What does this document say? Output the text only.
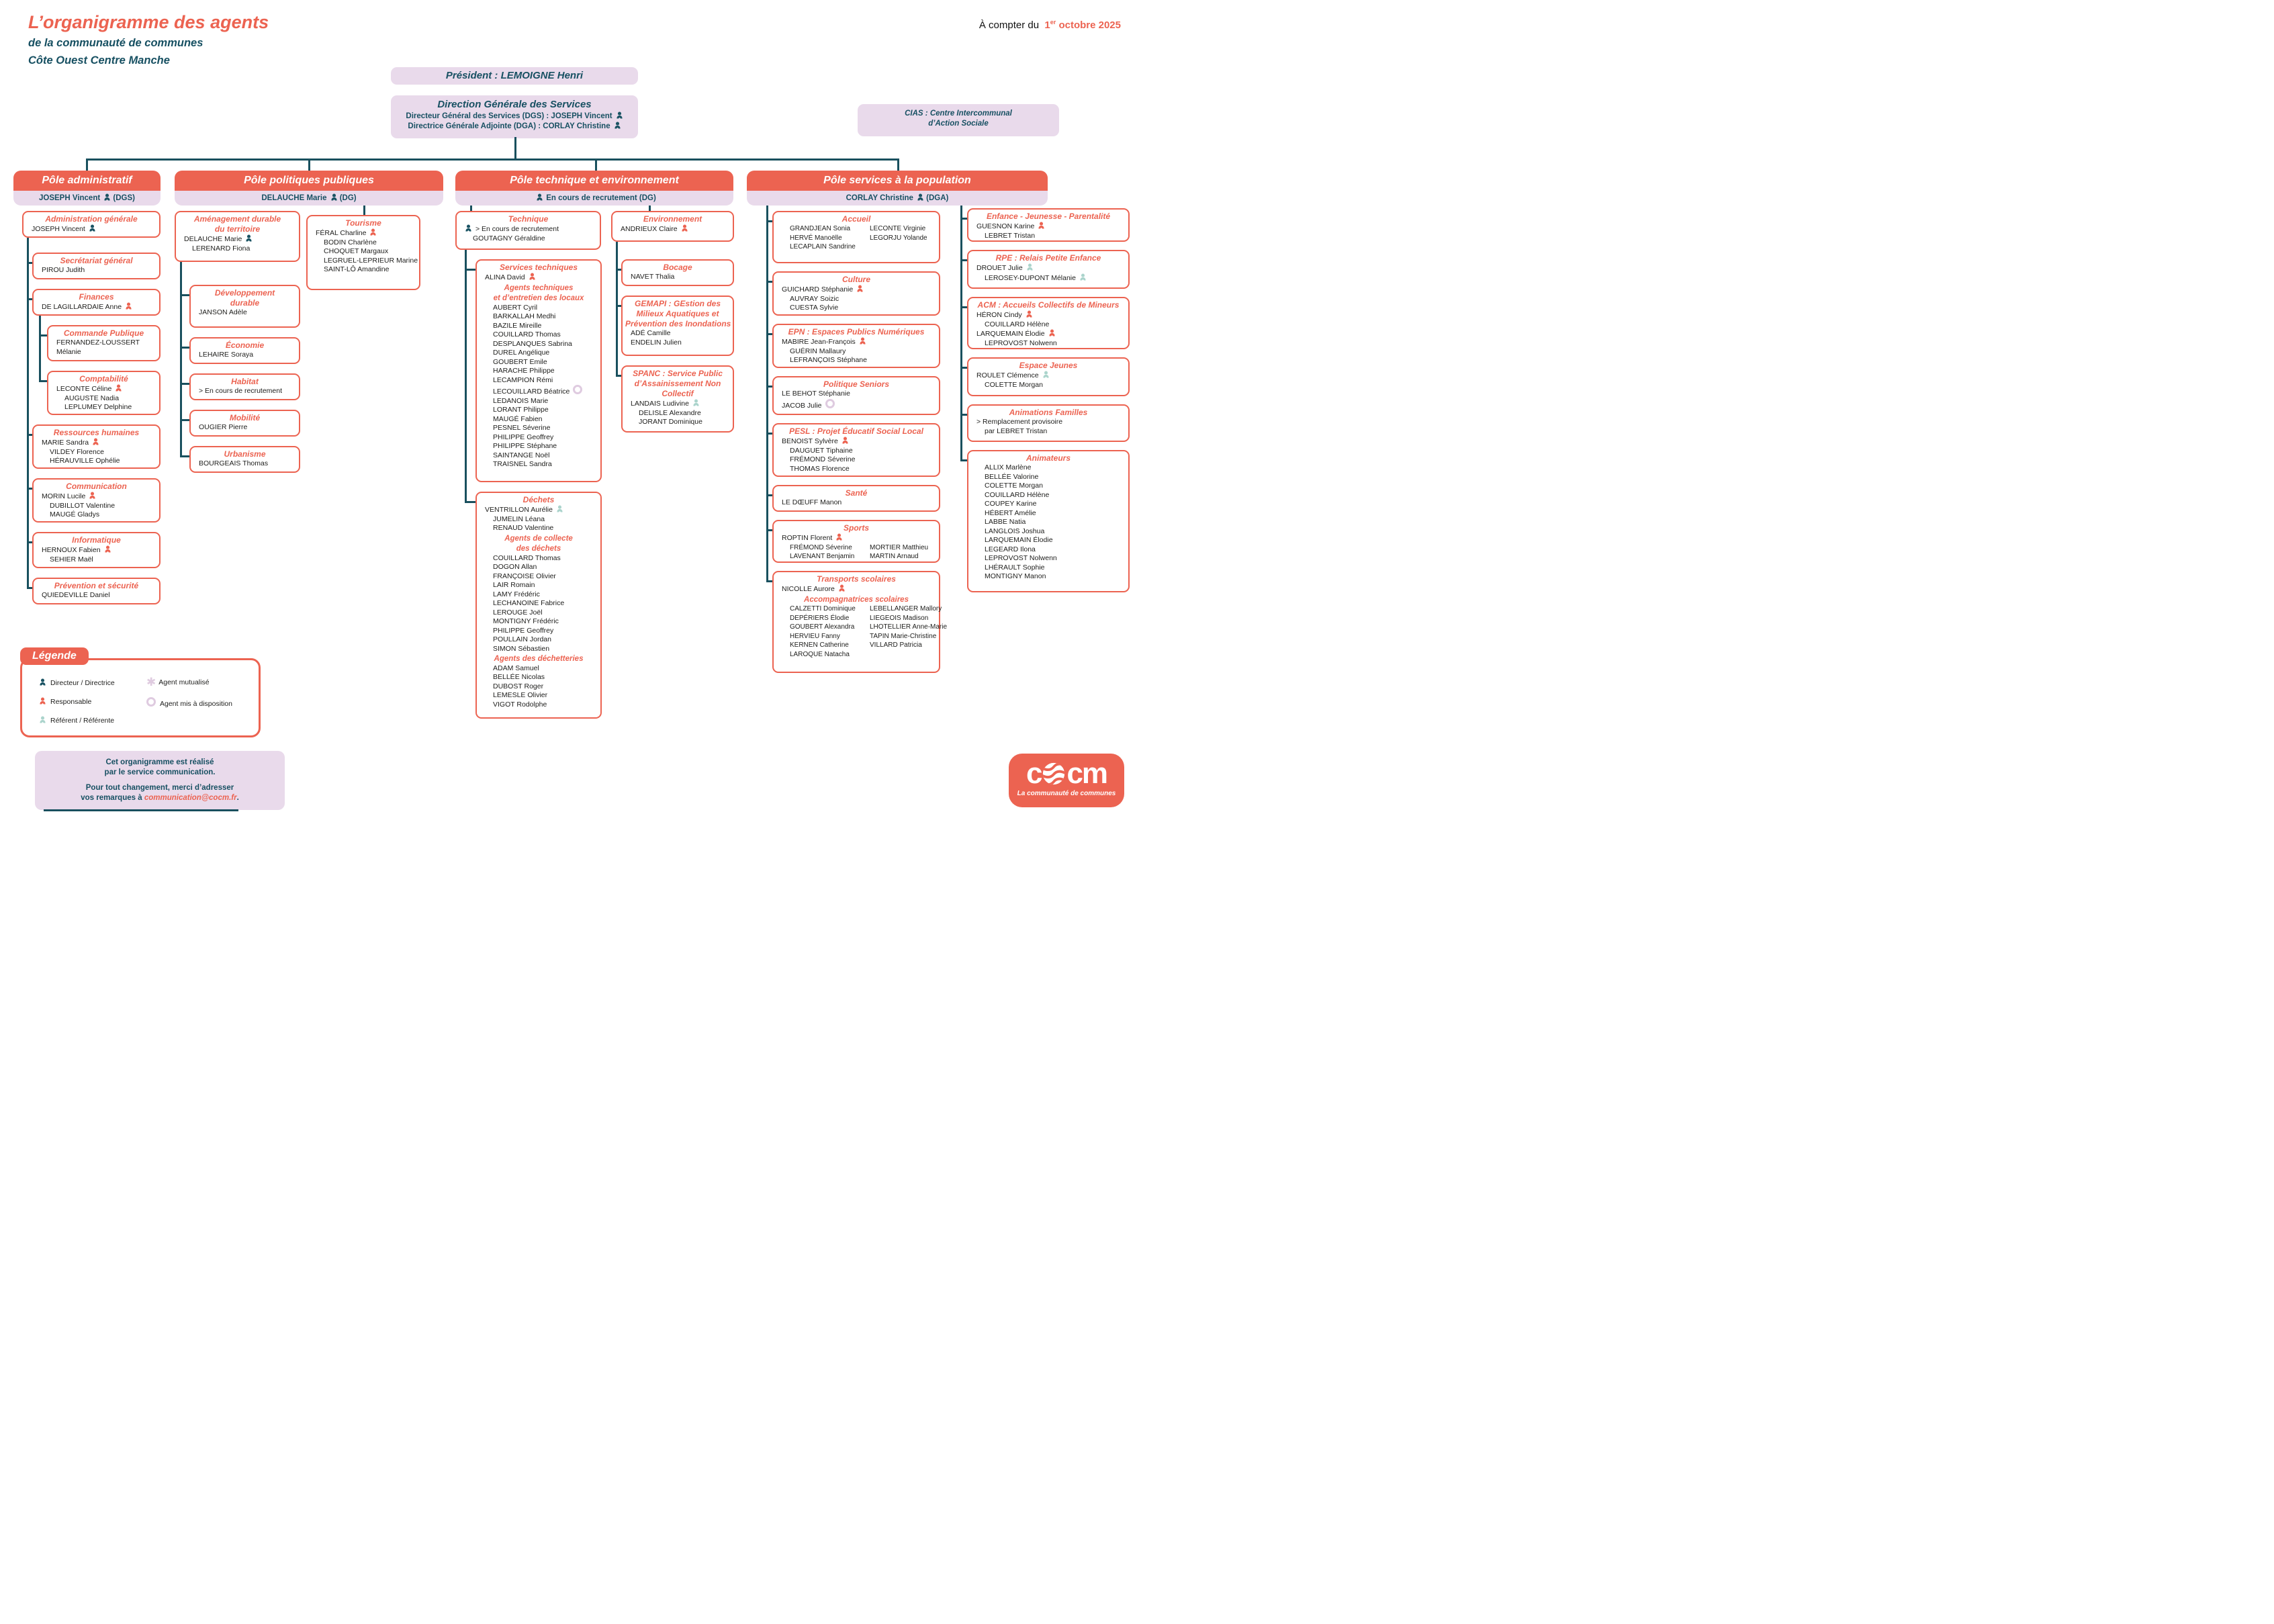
L’organigramme des agents
de la communauté de communes
Côte Ouest Centre Manche
À compter du 1er octobre 2025
Président : LEMOIGNE Henri
Direction Générale des Services
Directeur Général des Services (DGS) : JOSEPH Vincent
Directrice Générale Adjointe (DGA) : CORLAY Christine
CIAS : Centre Intercommunal
d’Action Sociale
Pôle administratif
JOSEPH Vincent (DGS)
Pôle politiques publiques
DELAUCHE Marie (DG)
Pôle technique et environnement
En cours de recrutement (DG)
Pôle services à la population
CORLAY Christine (DGA)
Administration générale
JOSEPH Vincent
Secrétariat général
PIROU Judith
Finances
DE LAGILLARDAIE Anne
Commande Publique
FERNANDEZ-LOUSSERT
Mélanie
Comptabilité
LECONTE Céline
AUGUSTE Nadia
LEPLUMEY Delphine
Ressources humaines
MARIE Sandra
VILDEY Florence
HÉRAUVILLE Ophélie
Communication
MORIN Lucile
DUBILLOT Valentine
MAUGÉ Gladys
Informatique
HERNOUX Fabien
SEHIER Maël
Prévention et sécurité
QUIEDEVILLE Daniel
Aménagement durable
du territoire
DELAUCHE Marie
LERENARD Fiona
Tourisme
FÉRAL Charline
BODIN Charlène
CHOQUET Margaux
LEGRUEL-LEPRIEUR Marine
SAINT-LÔ Amandine
Développement
durable
JANSON Adèle
Économie
LEHAIRE Soraya
Habitat
> En cours de recrutement
Mobilité
OUGIER Pierre
Urbanisme
BOURGEAIS Thomas
Technique
> En cours de recrutement
GOUTAGNY Géraldine
Environnement
ANDRIEUX Claire
Services techniques
ALINA David
Agents techniques
et d’entretien des locaux
AUBERT Cyril
BARKALLAH Medhi
BAZILE Mireille
COUILLARD Thomas
DESPLANQUES Sabrina
DUREL Angélique
GOUBERT Emile
HARACHE Philippe
LECAMPION Rémi
LECOUILLARD Béatrice
LEDANOIS Marie
LORANT Philippe
MAUGÉ Fabien
PESNEL Séverine
PHILIPPE Geoffrey
PHILIPPE Stéphane
SAINTANGE Noël
TRAISNEL Sandra
Déchets
VENTRILLON Aurélie
JUMELIN Léana
RENAUD Valentine
Agents de collecte
des déchets
COUILLARD Thomas
DOGON Allan
FRANÇOISE Olivier
LAIR Romain
LAMY Frédéric
LECHANOINE Fabrice
LEROUGE Joël
MONTIGNY Frédéric
PHILIPPE Geoffrey
POULLAIN Jordan
SIMON Sébastien
Agents des déchetteries
ADAM Samuel
BELLÉE Nicolas
DUBOST Roger
LEMESLE Olivier
VIGOT Rodolphe
Bocage
NAVET Thalia
GEMAPI : GEstion des
Milieux Aquatiques et
Prévention des Inondations
ADÉ Camille
ENDELIN Julien
SPANC : Service Public
d’Assainissement Non
Collectif
LANDAIS Ludivine
DELISLE Alexandre
JORANT Dominique
Accueil
GRANDJEAN Sonia
HERVÉ Manoëlle
LECAPLAIN Sandrine
LECONTE Virginie
LEGORJU Yolande
Culture
GUICHARD Stéphanie
AUVRAY Soizic
CUESTA Sylvie
EPN : Espaces Publics Numériques
MABIRE Jean-François
GUÉRIN Mallaury
LEFRANÇOIS Stéphane
Politique Seniors
LE BEHOT Stéphanie
JACOB Julie
PESL : Projet Éducatif Social Local
BENOIST Sylvère
DAUGUET Tiphaine
FRÉMOND Séverine
THOMAS Florence
Santé
LE DŒUFF Manon
Sports
ROPTIN Florent
FRÉMOND Séverine
LAVENANT Benjamin
MORTIER Matthieu
MARTIN Arnaud
Transports scolaires
NICOLLE Aurore
Accompagnatrices scolaires
CALZETTI Dominique
DEPÉRIERS Élodie
GOUBERT Alexandra
HERVIEU Fanny
KERNEN Catherine
LAROQUE Natacha
LEBELLANGER Mallory
LIEGEOIS Madison
LHOTELLIER Anne-Marie
TAPIN Marie-Christine
VILLARD Patricia
Enfance - Jeunesse - Parentalité
GUESNON Karine
LEBRET Tristan
RPE : Relais Petite Enfance
DROUET Julie
LEROSEY-DUPONT Mélanie
ACM : Accueils Collectifs de Mineurs
HÉRON Cindy
COUILLARD Hélène
LARQUEMAIN Élodie
LEPROVOST Nolwenn
Espace Jeunes
ROULET Clémence
COLETTE Morgan
Animations Familles
> Remplacement provisoire
par LEBRET Tristan
Animateurs
ALLIX Marlène
BELLÉE Valorine
COLETTE Morgan
COUILLARD Hélène
COUPEY Karine
HÉBERT Amélie
LABBE Natia
LANGLOIS Joshua
LARQUEMAIN Élodie
LEGEARD Ilona
LEPROVOST Nolwenn
LHÉRAULT Sophie
MONTIGNY Manon
Légende
Directeur / Directrice
Responsable
Référent / Référente
✱ Agent mutualisé
Agent mis à disposition
Cet organigramme est réalisé
par le service communication.
Pour tout changement, merci d’adresser
vos remarques à communication@cocm.fr.
c cm
La communauté de communes
